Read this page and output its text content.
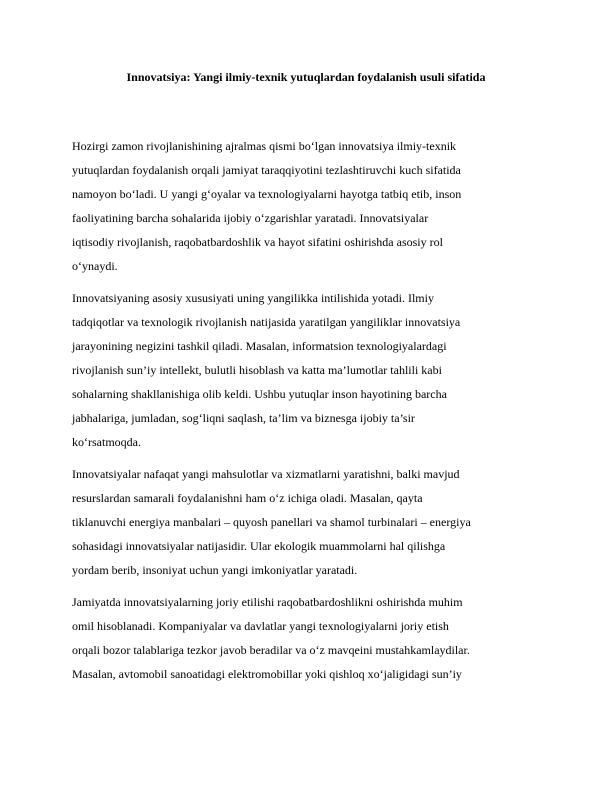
Innovatsiya: Yangi ilmiy-texnik yutuqlardan foydalanish usuli sifatida

Hozirgi zamon rivojlanishining ajralmas qismi bo‘lgan innovatsiya ilmiy-texnik
yutuqlardan foydalanish orqali jamiyat taraqqiyotini tezlashtiruvchi kuch sifatida
namoyon bo‘ladi. U yangi g‘oyalar va texnologiyalarni hayotga tatbiq etib, inson
faoliyatining barcha sohalarida ijobiy o‘zgarishlar yaratadi. Innovatsiyalar
iqtisodiy rivojlanish, raqobatbardoshlik va hayot sifatini oshirishda asosiy rol
o‘ynaydi.

Innovatsiyaning asosiy xususiyati uning yangilikka intilishida yotadi. Ilmiy
tadqiqotlar va texnologik rivojlanish natijasida yaratilgan yangiliklar innovatsiya
jarayonining negizini tashkil qiladi. Masalan, informatsion texnologiyalardagi
rivojlanish sun’iy intellekt, bulutli hisoblash va katta ma’lumotlar tahlili kabi
sohalarning shakllanishiga olib keldi. Ushbu yutuqlar inson hayotining barcha
jabhalariga, jumladan, sog‘liqni saqlash, ta’lim va biznesga ijobiy ta’sir
ko‘rsatmoqda.

Innovatsiyalar nafaqat yangi mahsulotlar va xizmatlarni yaratishni, balki mavjud
resurslardan samarali foydalanishni ham o‘z ichiga oladi. Masalan, qayta
tiklanuvchi energiya manbalari – quyosh panellari va shamol turbinalari – energiya
sohasidagi innovatsiyalar natijasidir. Ular ekologik muammolarni hal qilishga
yordam berib, insoniyat uchun yangi imkoniyatlar yaratadi.

Jamiyatda innovatsiyalarning joriy etilishi raqobatbardoshlikni oshirishda muhim
omil hisoblanadi. Kompaniyalar va davlatlar yangi texnologiyalarni joriy etish
orqali bozor talablariga tezkor javob beradilar va o‘z mavqeini mustahkamlaydilar.
Masalan, avtomobil sanoatidagi elektromobillar yoki qishloq xo‘jaligidagi sun’iy
